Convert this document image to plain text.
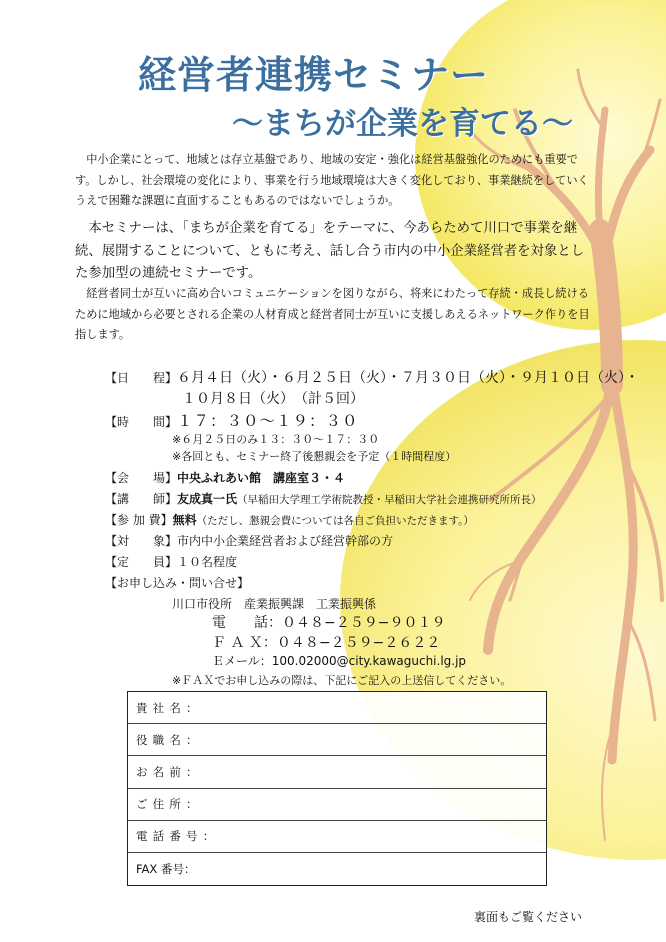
経営者連携セミナー
〜まちが企業を育てる〜

中小企業にとって、地域とは存立基盤であり、地域の安定・強化は経営基盤強化のためにも重要です。しかし、社会環境の変化により、事業を行う地域環境は大きく変化しており、事業継続をしていくうえで困難な課題に直面することもあるのではないでしょうか。

本セミナーは、「まちが企業を育てる」をテーマに、今あらためて川口で事業を継続、展開することについて、ともに考え、話し合う市内の中小企業経営者を対象とした参加型の連続セミナーです。

経営者同士が互いに高め合いコミュニケーションを図りながら、将来にわたって存続・成長し続けるために地域から必要とされる企業の人材育成と経営者同士が互いに支援しあえるネットワーク作りを目指します。

【日　　程】６月４日（火）・６月２５日（火）・７月３０日（火）・９月１０日（火）・
１０月８日（火）　（計５回）
【時　　間】１７：３０〜１９：３０
※６月２５日のみ１３：３０〜１７：３０
※各回とも、セミナー終了後懇親会を予定（１時間程度）
【会　　場】中央ふれあい館　講座室３・４
【講　　師】友成真一氏（早稲田大学理工学術院教授・早稲田大学社会連携研究所所長）
【参 加 費】無料（ただし、懇親会費については各自ご負担いただきます。）
【対　　象】市内中小企業経営者および経営幹部の方
【定　　員】１０名程度
【お申し込み・問い合せ】
川口市役所　産業振興課　工業振興係
電　　話：０４８−２５９−９０１９
Ｆ Ａ Ｘ：０４８−２５９−２６２２
Ｅメール：100.02000@city.kawaguchi.lg.jp
※ＦＡＸでお申し込みの際は、下記にご記入の上送信してください。
貴社名：
役職名：
お名前：
ご住所：
電話番号：
FAX 番号：
裏面もご覧ください
